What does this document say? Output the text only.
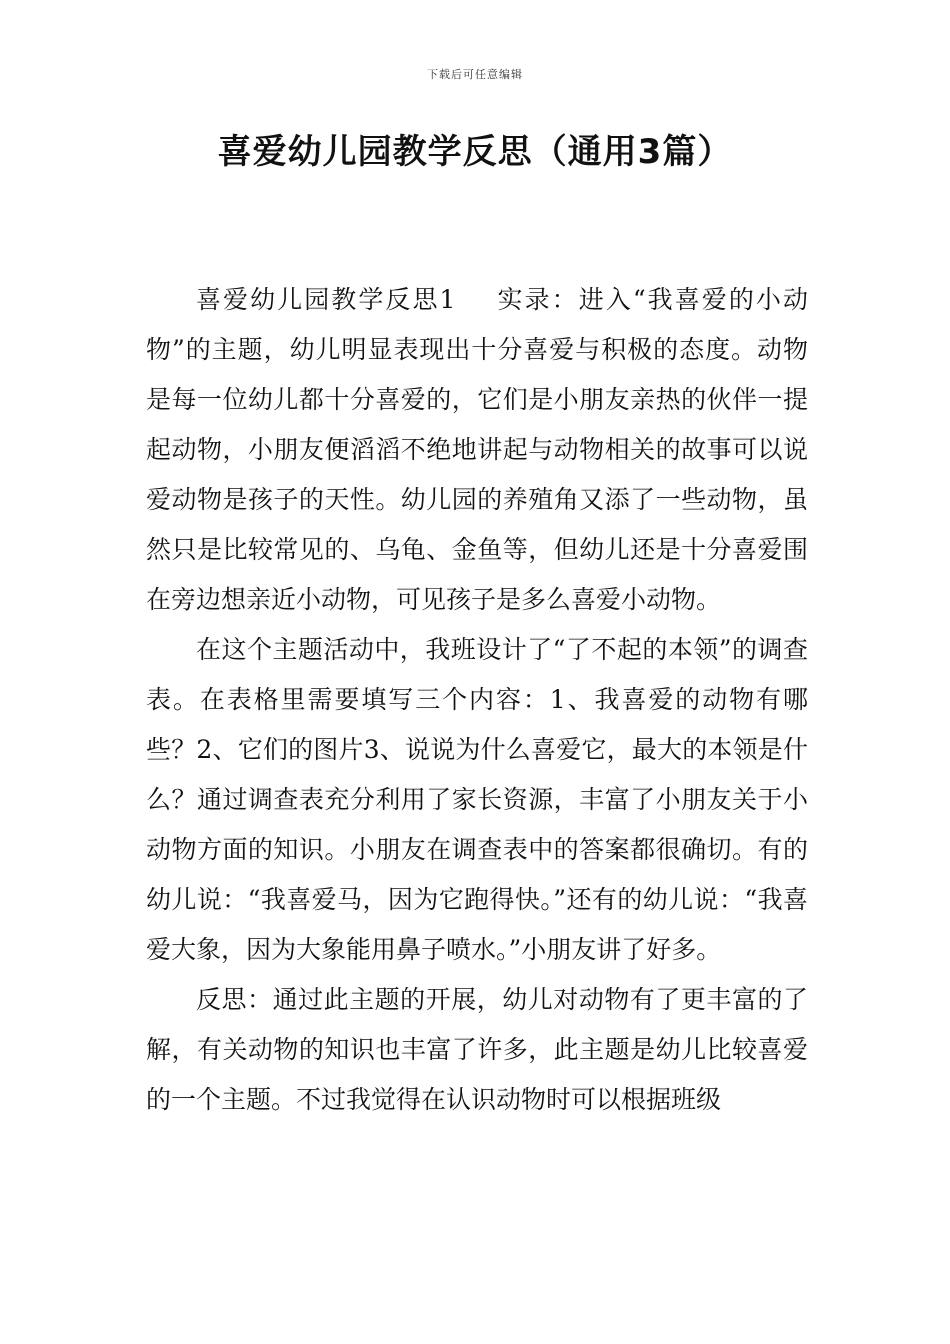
下载后可任意编辑
喜爱幼儿园教学反思（通用3篇）

喜爱幼儿园教学反思1 实录：进入“我喜爱的小动物”的主题，幼儿明显表现出十分喜爱与积极的态度。动物是每一位幼儿都十分喜爱的，它们是小朋友亲热的伙伴一提起动物，小朋友便滔滔不绝地讲起与动物相关的故事可以说爱动物是孩子的天性。幼儿园的养殖角又添了一些动物，虽然只是比较常见的、乌龟、金鱼等，但幼儿还是十分喜爱围在旁边想亲近小动物，可见孩子是多么喜爱小动物。

在这个主题活动中，我班设计了“了不起的本领”的调查表。在表格里需要填写三个内容：1、我喜爱的动物有哪些？2、它们的图片3、说说为什么喜爱它，最大的本领是什么？通过调查表充分利用了家长资源，丰富了小朋友关于小动物方面的知识。小朋友在调查表中的答案都很确切。有的幼儿说：“我喜爱马，因为它跑得快。”还有的幼儿说：“我喜爱大象，因为大象能用鼻子喷水。”小朋友讲了好多。

反思：通过此主题的开展，幼儿对动物有了更丰富的了解，有关动物的知识也丰富了许多，此主题是幼儿比较喜爱的一个主题。不过我觉得在认识动物时可以根据班级
